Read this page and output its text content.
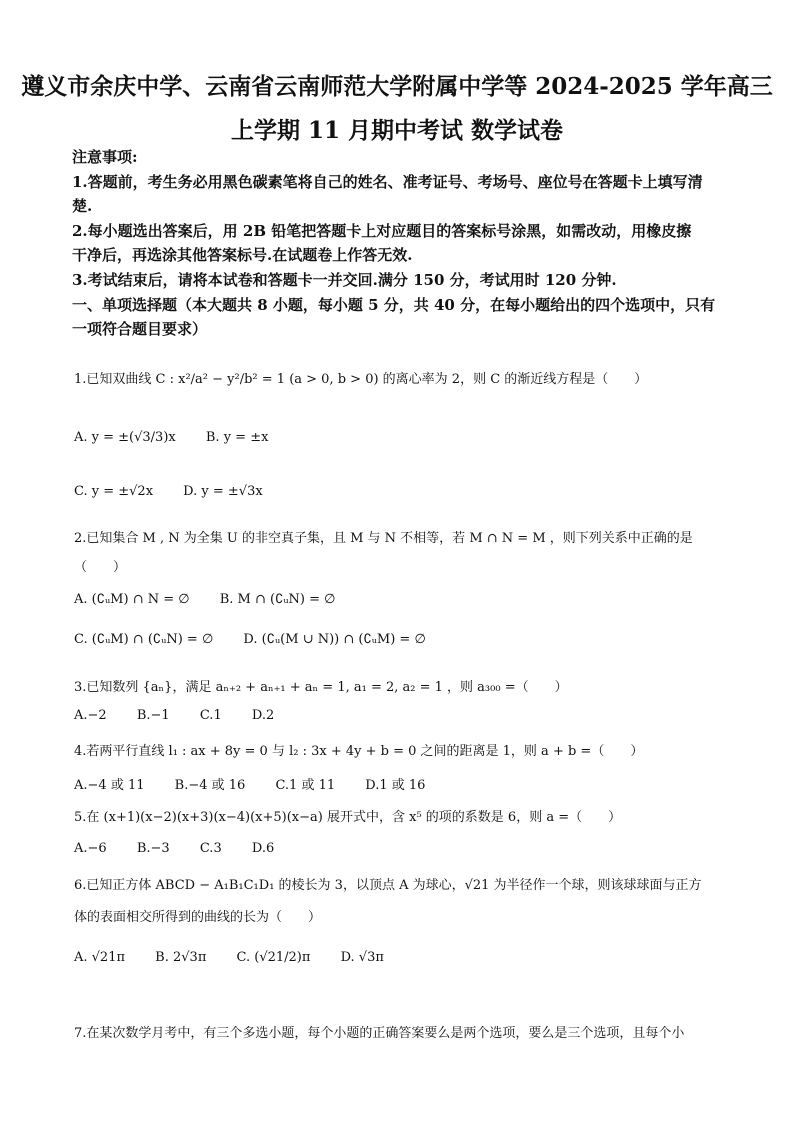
遵义市余庆中学、云南省云南师范大学附属中学等 2024-2025 学年高三
上学期 11 月期中考试 数学试卷
注意事项:
1.答题前，考生务必用黑色碳素笔将自己的姓名、准考证号、考场号、座位号在答题卡上填写清
楚.
2.每小题选出答案后，用 2B 铅笔把答题卡上对应题目的答案标号涂黑，如需改动，用橡皮擦
干净后，再选涂其他答案标号.在试题卷上作答无效.
3.考试结束后，请将本试卷和答题卡一并交回.满分 150 分，考试用时 120 分钟.
一、单项选择题（本大题共 8 小题，每小题 5 分，共 40 分，在每小题给出的四个选项中，只有
一项符合题目要求）
1.已知双曲线 C : x²/a² − y²/b² = 1 (a > 0, b > 0) 的离心率为 2，则 C 的渐近线方程是（　　）
A. y = ±(√3/3)x B. y = ±x
C. y = ±√2x D. y = ±√3x
2.已知集合 M , N 为全集 U 的非空真子集，且 M 与 N 不相等，若 M ∩ N = M ，则下列关系中正确的是
（　　）
A. (∁ᵤM) ∩ N = ∅ B. M ∩ (∁ᵤN) = ∅
C. (∁ᵤM) ∩ (∁ᵤN) = ∅ D. (∁ᵤ(M ∪ N)) ∩ (∁ᵤM) = ∅
3.已知数列 {aₙ}，满足 aₙ₊₂ + aₙ₊₁ + aₙ = 1, a₁ = 2, a₂ = 1 ，则 a₃₀₀ =（　　）
A.−2 B.−1 C.1 D.2
4.若两平行直线 l₁ : ax + 8y = 0 与 l₂ : 3x + 4y + b = 0 之间的距离是 1，则 a + b =（　　）
A.−4 或 11 B.−4 或 16 C.1 或 11 D.1 或 16
5.在 (x+1)(x−2)(x+3)(x−4)(x+5)(x−a) 展开式中，含 x⁵ 的项的系数是 6，则 a =（　　）
A.−6 B.−3 C.3 D.6
6.已知正方体 ABCD − A₁B₁C₁D₁ 的棱长为 3，以顶点 A 为球心，√21 为半径作一个球，则该球球面与正方
体的表面相交所得到的曲线的长为（　　）
A. √21π B. 2√3π C. (√21/2)π D. √3π
7.在某次数学月考中，有三个多选小题，每个小题的正确答案要么是两个选项，要么是三个选项，且每个小
